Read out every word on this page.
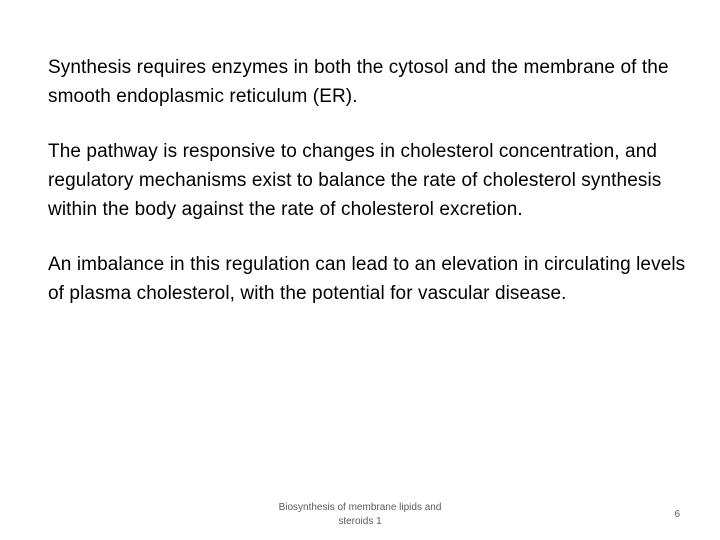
Synthesis requires enzymes in both the cytosol and the membrane of the smooth endoplasmic reticulum (ER).

The pathway is responsive to changes in cholesterol concentration, and regulatory mechanisms exist to balance the rate of cholesterol synthesis within the body against the rate of cholesterol excretion.

An imbalance in this regulation can lead to an elevation in circulating levels of plasma cholesterol, with the potential for vascular disease.

Biosynthesis of membrane lipids and steroids 1
6
